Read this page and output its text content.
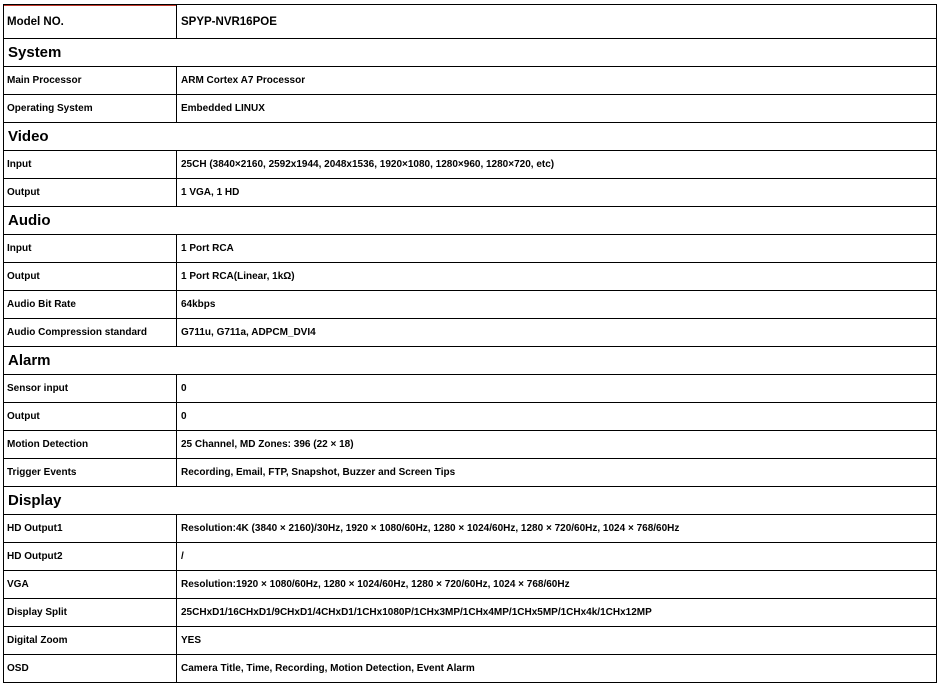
Model NO.	SPYP-NVR16POE
System
Main Processor	ARM Cortex A7 Processor
Operating System	Embedded LINUX
Video
Input	25CH (3840×2160, 2592x1944, 2048x1536, 1920×1080, 1280×960, 1280×720, etc)
Output	1 VGA, 1 HD
Audio
Input	1 Port RCA
Output	1 Port RCA(Linear, 1kΩ)
Audio Bit Rate	64kbps
Audio Compression standard	G711u, G711a, ADPCM_DVI4
Alarm
Sensor input	0
Output	0
Motion Detection	25 Channel, MD Zones: 396 (22 × 18)
Trigger Events	Recording, Email, FTP, Snapshot, Buzzer and Screen Tips
Display
HD Output1	Resolution:4K (3840 × 2160)/30Hz, 1920 × 1080/60Hz, 1280 × 1024/60Hz, 1280 × 720/60Hz, 1024 × 768/60Hz
HD Output2	/
VGA	Resolution:1920 × 1080/60Hz, 1280 × 1024/60Hz, 1280 × 720/60Hz, 1024 × 768/60Hz
Display Split	25CHxD1/16CHxD1/9CHxD1/4CHxD1/1CHx1080P/1CHx3MP/1CHx4MP/1CHx5MP/1CHx4k/1CHx12MP
Digital Zoom	YES
OSD	Camera Title, Time, Recording, Motion Detection, Event Alarm
